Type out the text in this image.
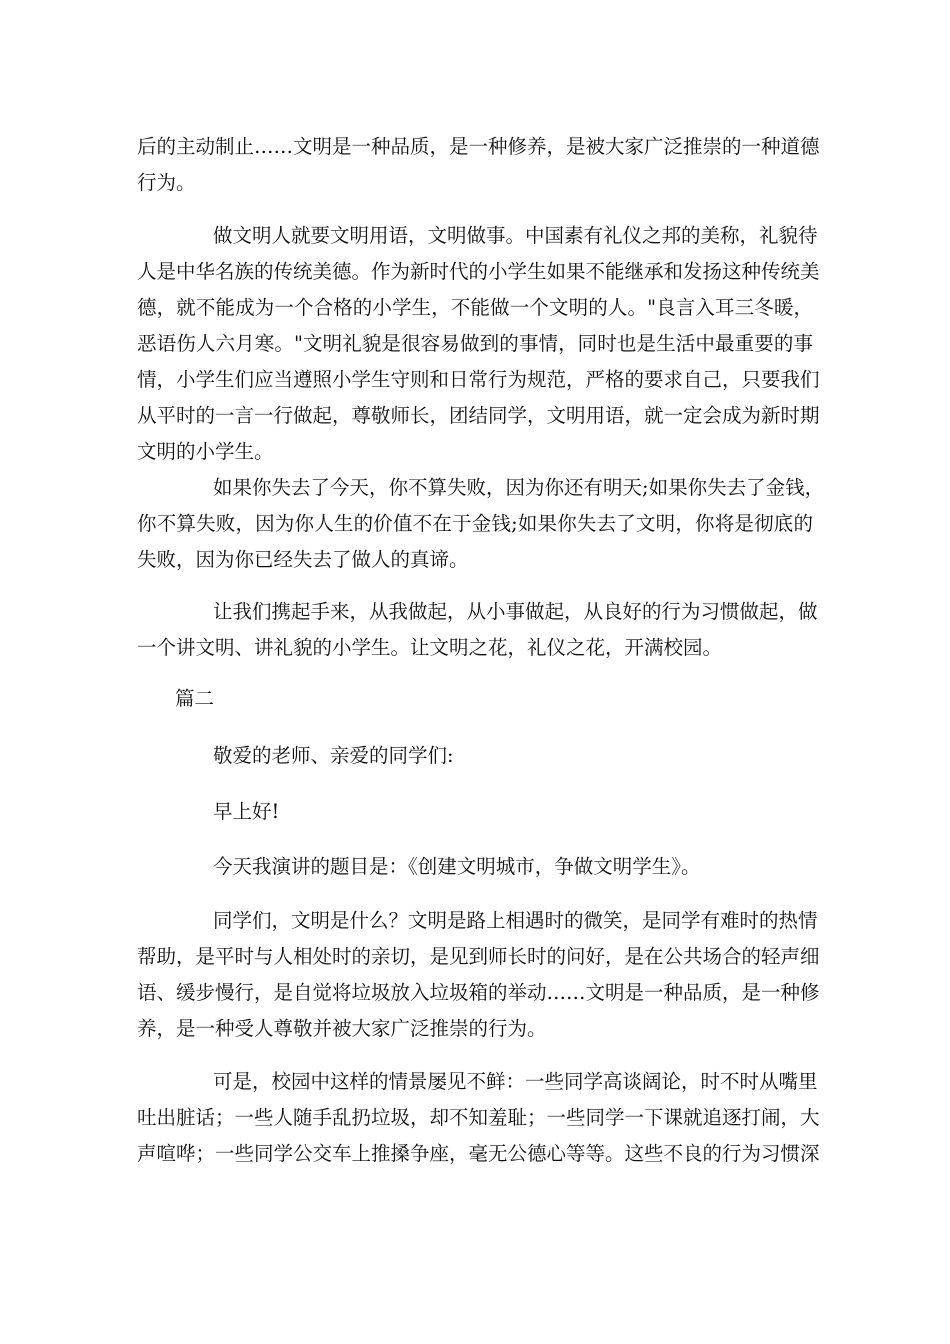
后的主动制止……文明是一种品质，是一种修养，是被大家广泛推崇的一种道德
行为。
做文明人就要文明用语，文明做事。中国素有礼仪之邦的美称，礼貌待
人是中华名族的传统美德。作为新时代的小学生如果不能继承和发扬这种传统美
德，就不能成为一个合格的小学生，不能做一个文明的人。"良言入耳三冬暖，
恶语伤人六月寒。"文明礼貌是很容易做到的事情，同时也是生活中最重要的事
情，小学生们应当遵照小学生守则和日常行为规范，严格的要求自己，只要我们
从平时的一言一行做起，尊敬师长，团结同学，文明用语，就一定会成为新时期
文明的小学生。
如果你失去了今天，你不算失败，因为你还有明天;如果你失去了金钱，
你不算失败，因为你人生的价值不在于金钱;如果你失去了文明，你将是彻底的
失败，因为你已经失去了做人的真谛。
让我们携起手来，从我做起，从小事做起，从良好的行为习惯做起，做
一个讲文明、讲礼貌的小学生。让文明之花，礼仪之花，开满校园。
篇二
敬爱的老师、亲爱的同学们:
早上好!
今天我演讲的题目是：《创建文明城市，争做文明学生》。
同学们，文明是什么？文明是路上相遇时的微笑，是同学有难时的热情
帮助，是平时与人相处时的亲切，是见到师长时的问好，是在公共场合的轻声细
语、缓步慢行，是自觉将垃圾放入垃圾箱的举动……文明是一种品质，是一种修
养，是一种受人尊敬并被大家广泛推崇的行为。
可是，校园中这样的情景屡见不鲜：一些同学高谈阔论，时不时从嘴里
吐出脏话；一些人随手乱扔垃圾，却不知羞耻；一些同学一下课就追逐打闹，大
声喧哗；一些同学公交车上推搡争座，毫无公德心等等。这些不良的行为习惯深
